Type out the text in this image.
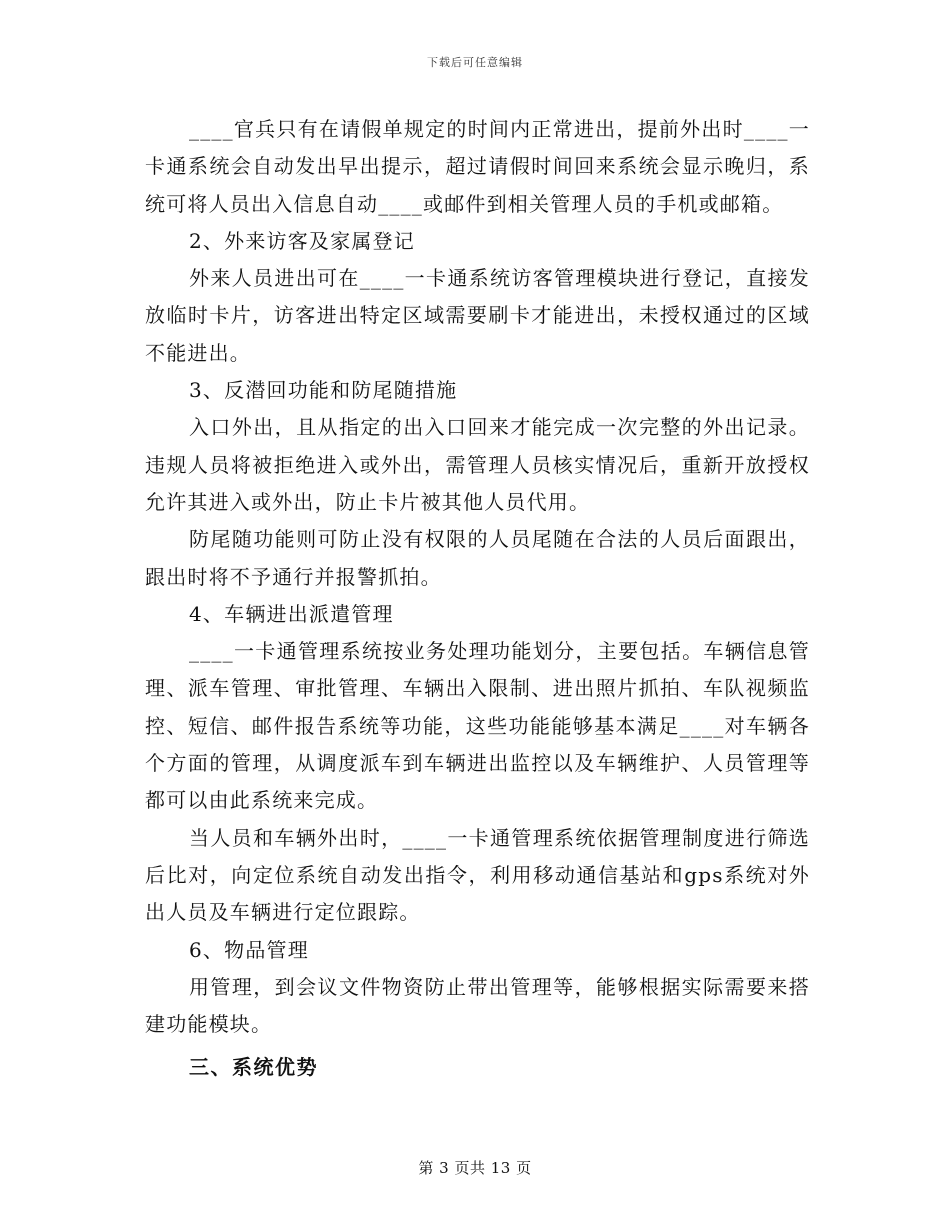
下载后可任意编辑

____官兵只有在请假单规定的时间内正常进出，提前外出时____一卡通系统会自动发出早出提示，超过请假时间回来系统会显示晚归，系统可将人员出入信息自动____或邮件到相关管理人员的手机或邮箱。

2、外来访客及家属登记

外来人员进出可在____一卡通系统访客管理模块进行登记，直接发放临时卡片，访客进出特定区域需要刷卡才能进出，未授权通过的区域不能进出。

3、反潜回功能和防尾随措施

入口外出，且从指定的出入口回来才能完成一次完整的外出记录。违规人员将被拒绝进入或外出，需管理人员核实情况后，重新开放授权允许其进入或外出，防止卡片被其他人员代用。

防尾随功能则可防止没有权限的人员尾随在合法的人员后面跟出，跟出时将不予通行并报警抓拍。

4、车辆进出派遣管理

____一卡通管理系统按业务处理功能划分，主要包括。车辆信息管理、派车管理、审批管理、车辆出入限制、进出照片抓拍、车队视频监控、短信、邮件报告系统等功能，这些功能能够基本满足____对车辆各个方面的管理，从调度派车到车辆进出监控以及车辆维护、人员管理等都可以由此系统来完成。

当人员和车辆外出时，____一卡通管理系统依据管理制度进行筛选后比对，向定位系统自动发出指令，利用移动通信基站和gps系统对外出人员及车辆进行定位跟踪。

6、物品管理

用管理，到会议文件物资防止带出管理等，能够根据实际需要来搭建功能模块。

三、系统优势

第 3 页共 13 页
